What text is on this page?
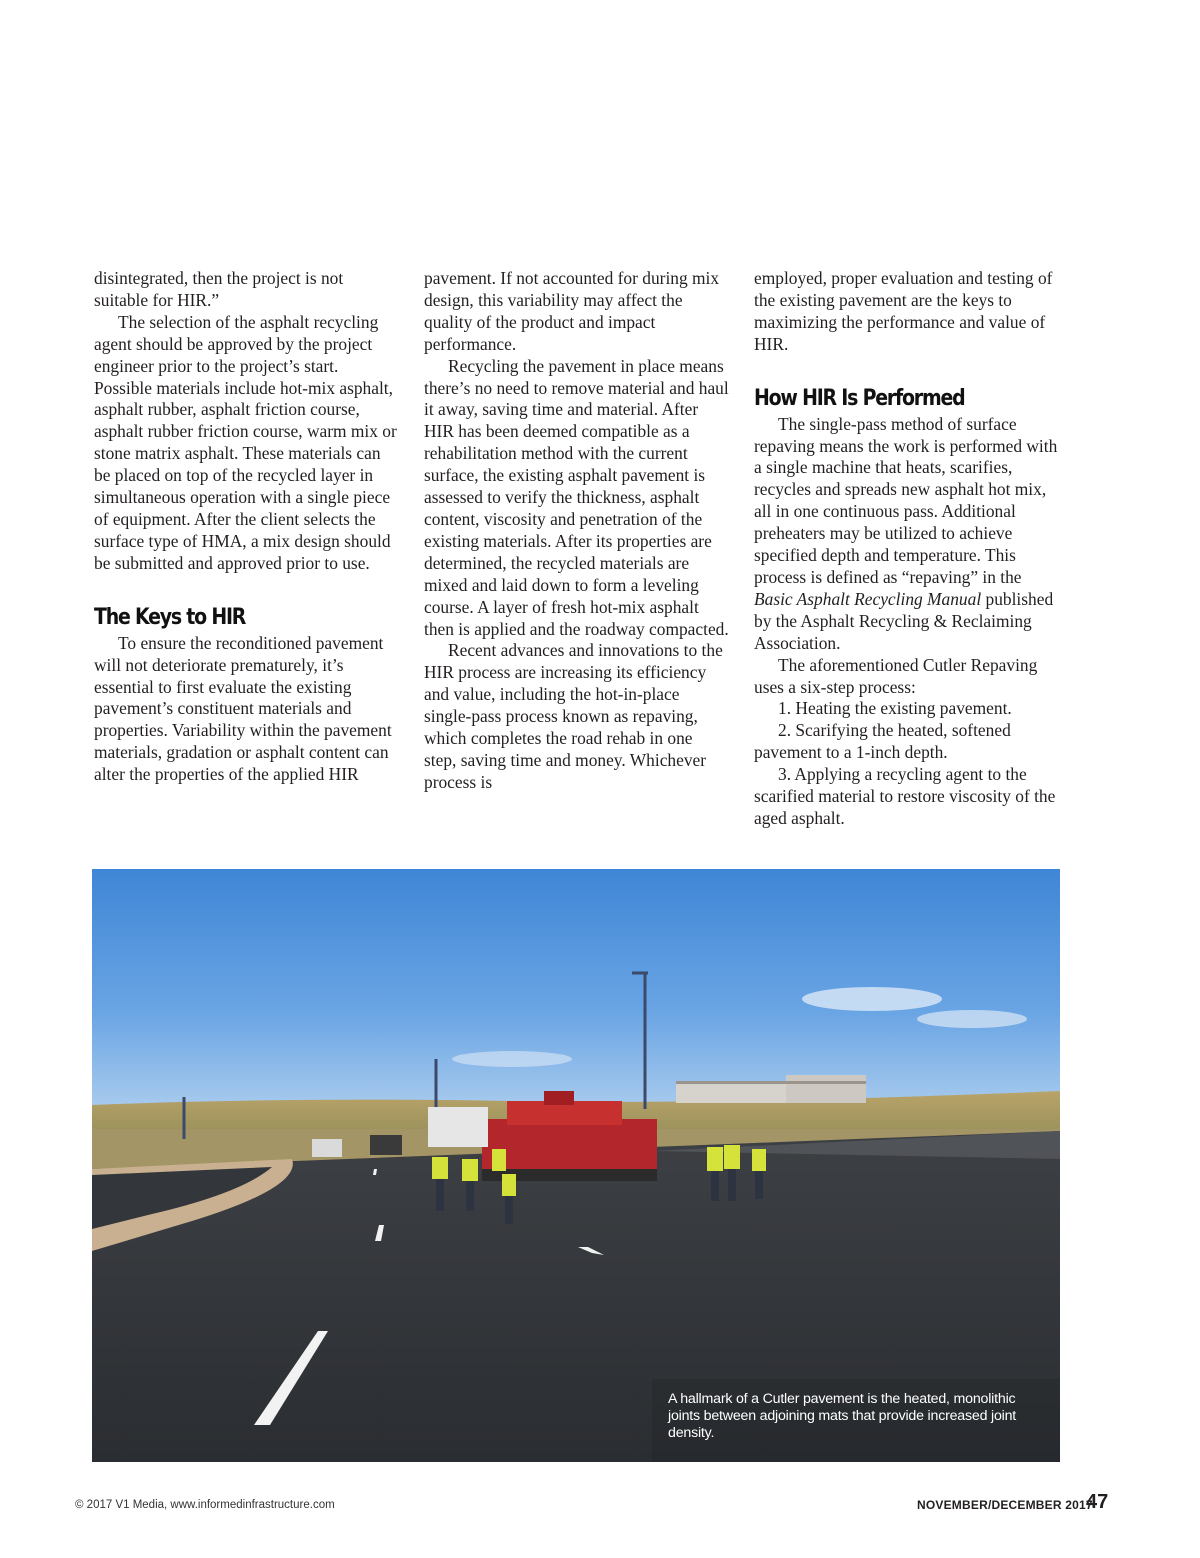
disintegrated, then the project is not suitable for HIR.”

The selection of the asphalt recycling agent should be approved by the project engineer prior to the project’s start. Possible materials include hot-mix asphalt, asphalt rubber, asphalt friction course, asphalt rubber friction course, warm mix or stone matrix asphalt. These materials can be placed on top of the recycled layer in simultaneous operation with a single piece of equipment. After the client selects the surface type of HMA, a mix design should be submitted and approved prior to use.

The Keys to HIR

To ensure the reconditioned pavement will not deteriorate prematurely, it’s essential to first evaluate the existing pavement’s constituent materials and properties. Variability within the pavement materials, gradation or asphalt content can alter the properties of the applied HIR

pavement. If not accounted for during mix design, this variability may affect the quality of the product and impact performance.

Recycling the pavement in place means there’s no need to remove material and haul it away, saving time and material. After HIR has been deemed compatible as a rehabilitation method with the current surface, the existing asphalt pavement is assessed to verify the thickness, asphalt content, viscosity and penetration of the existing materials. After its properties are determined, the recycled materials are mixed and laid down to form a leveling course. A layer of fresh hot-mix asphalt then is applied and the roadway compacted.

Recent advances and innovations to the HIR process are increasing its efficiency and value, including the hot-in-place single-pass process known as repaving, which completes the road rehab in one step, saving time and money. Whichever process is

employed, proper evaluation and testing of the existing pavement are the keys to maximizing the performance and value of HIR.

How HIR Is Performed

The single-pass method of surface repaving means the work is performed with a single machine that heats, scarifies, recycles and spreads new asphalt hot mix, all in one continuous pass. Additional preheaters may be utilized to achieve specified depth and temperature. This process is defined as “repaving” in the Basic Asphalt Recycling Manual published by the Asphalt Recycling & Reclaiming Association.

The aforementioned Cutler Repaving uses a six-step process:

1. Heating the existing pavement.

2. Scarifying the heated, softened pavement to a 1-inch depth.

3. Applying a recycling agent to the scarified material to restore viscosity of the aged asphalt.

A hallmark of a Cutler pavement is the heated, monolithic joints between adjoining mats that provide increased joint density.
© 2017 V1 Media, www.informedinfrastructure.com	NOVEMBER/DECEMBER 2017
47
